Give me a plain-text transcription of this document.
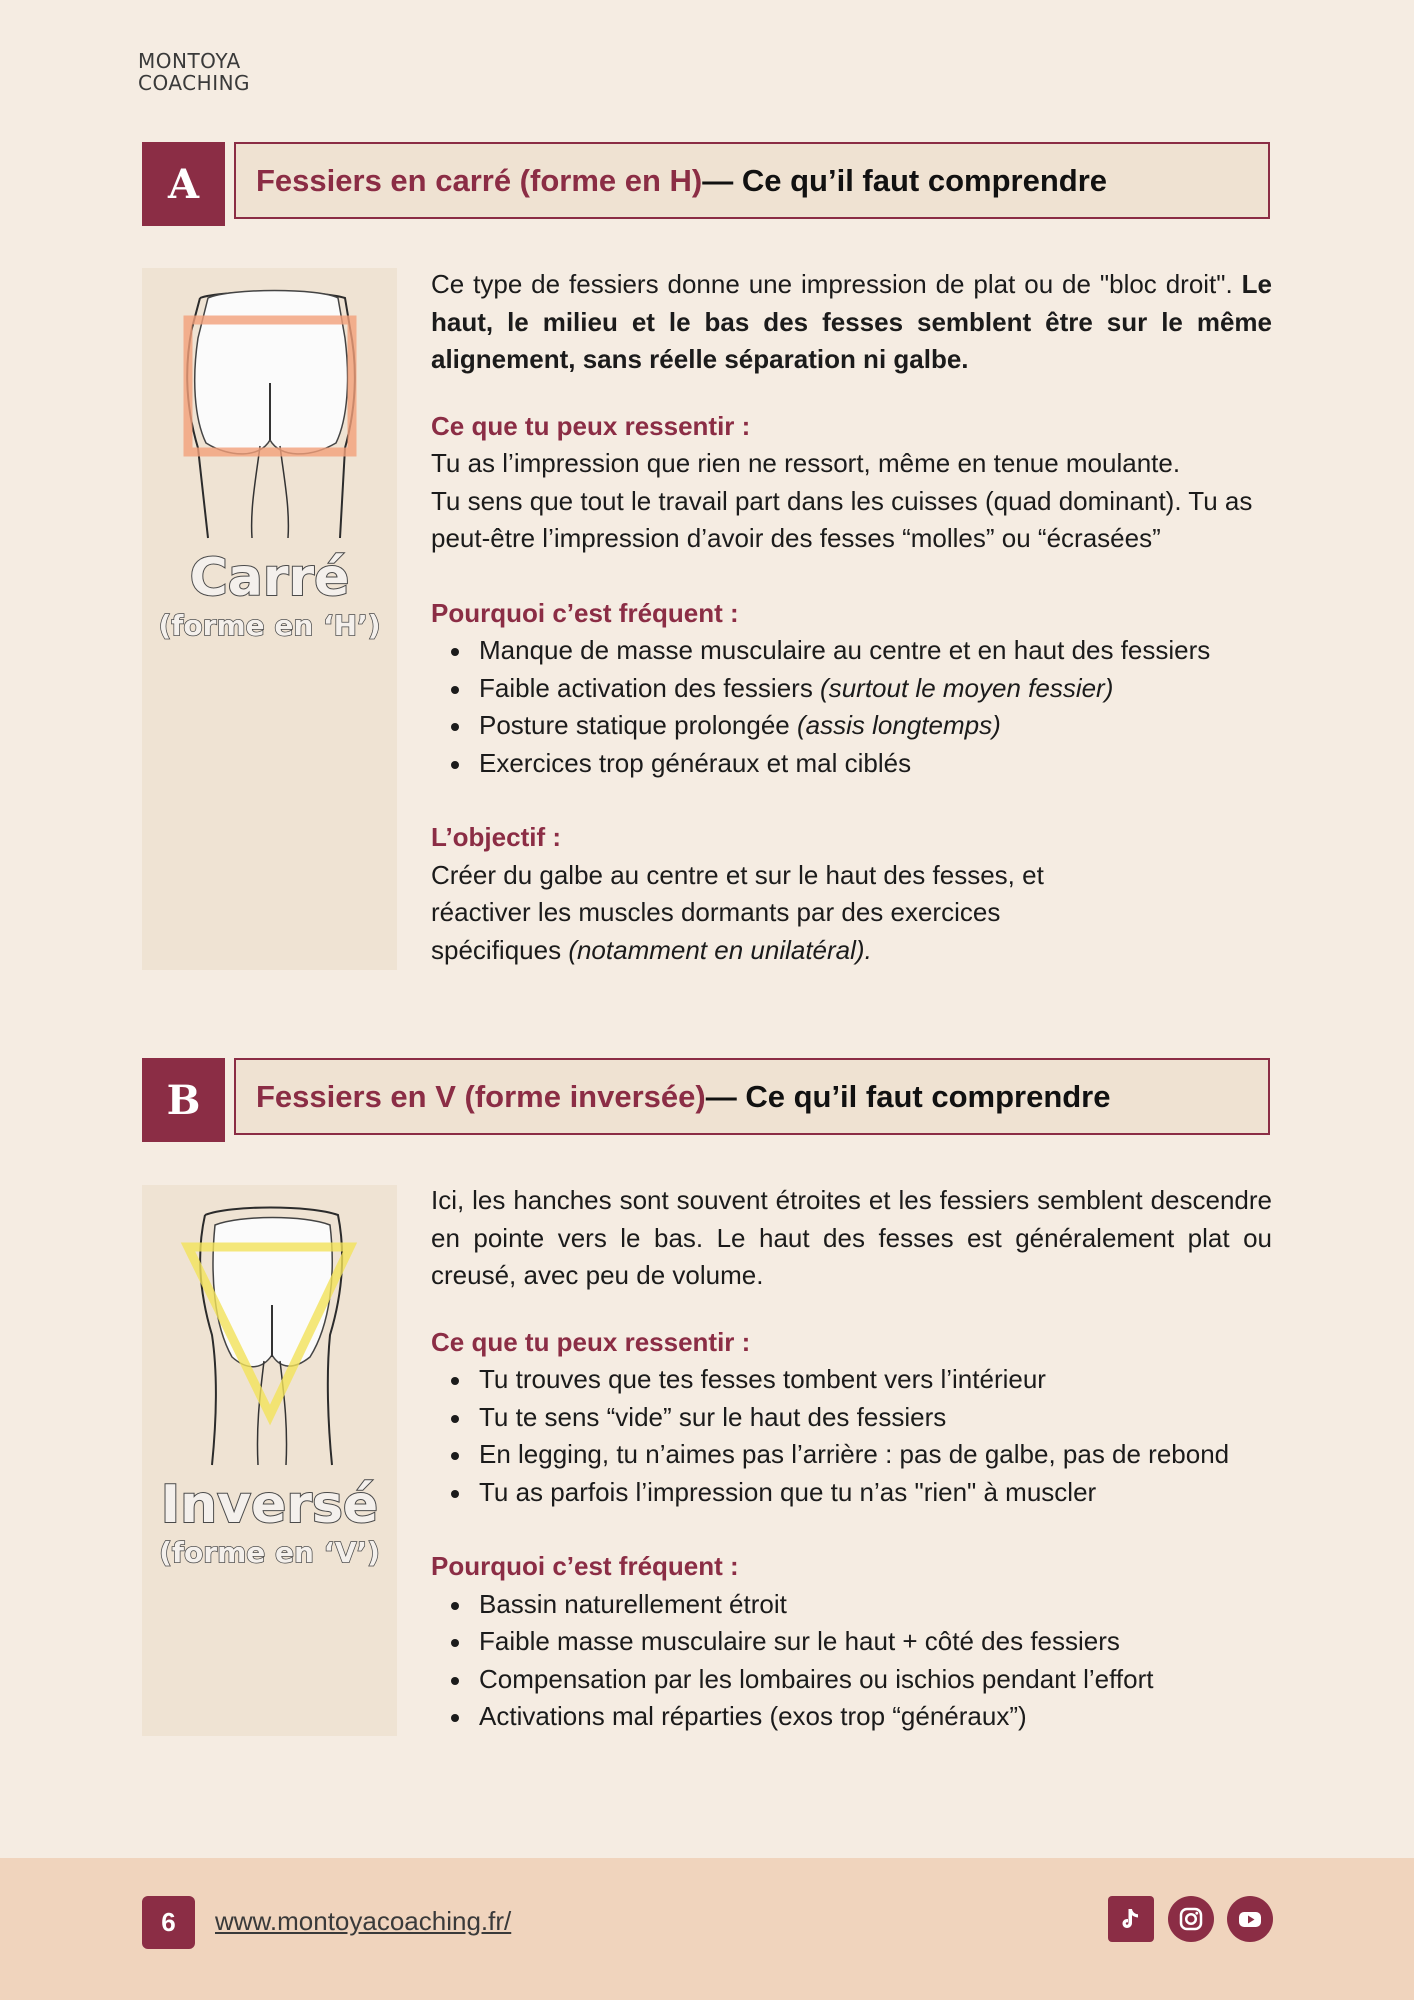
MONTOYA
COACHING
A	Fessiers en carré (forme en H) — Ce qu’il faut comprendre
Carré
(forme en ‘H’)

Ce type de fessiers donne une impression de plat ou de "bloc droit". Le haut, le milieu et le bas des fesses semblent être sur le même alignement, sans réelle séparation ni galbe.

Ce que tu peux ressentir :

Tu as l’impression que rien ne ressort, même en tenue moulante.

Tu sens que tout le travail part dans les cuisses (quad dominant). Tu as peut-être l’impression d’avoir des fesses “molles” ou “écrasées”

Pourquoi c’est fréquent :

Manque de masse musculaire au centre et en haut des fessiers
Faible activation des fessiers (surtout le moyen fessier)
Posture statique prolongée (assis longtemps)
Exercices trop généraux et mal ciblés

L’objectif :

Créer du galbe au centre et sur le haut des fesses, et

réactiver les muscles dormants par des exercices

spécifiques (notamment en unilatéral).

B	Fessiers en V (forme inversée) — Ce qu’il faut comprendre
Inversé
(forme en ‘V’)

Ici, les hanches sont souvent étroites et les fessiers semblent descendre en pointe vers le bas. Le haut des fesses est généralement plat ou creusé, avec peu de volume.

Ce que tu peux ressentir :

Tu trouves que tes fesses tombent vers l’intérieur
Tu te sens “vide” sur le haut des fessiers
En legging, tu n’aimes pas l’arrière : pas de galbe, pas de rebond
Tu as parfois l’impression que tu n’as "rien" à muscler

Pourquoi c’est fréquent :

Bassin naturellement étroit
Faible masse musculaire sur le haut + côté des fessiers
Compensation par les lombaires ou ischios pendant l’effort
Activations mal réparties (exos trop “généraux”)
6	www.montoyacoaching.fr/
